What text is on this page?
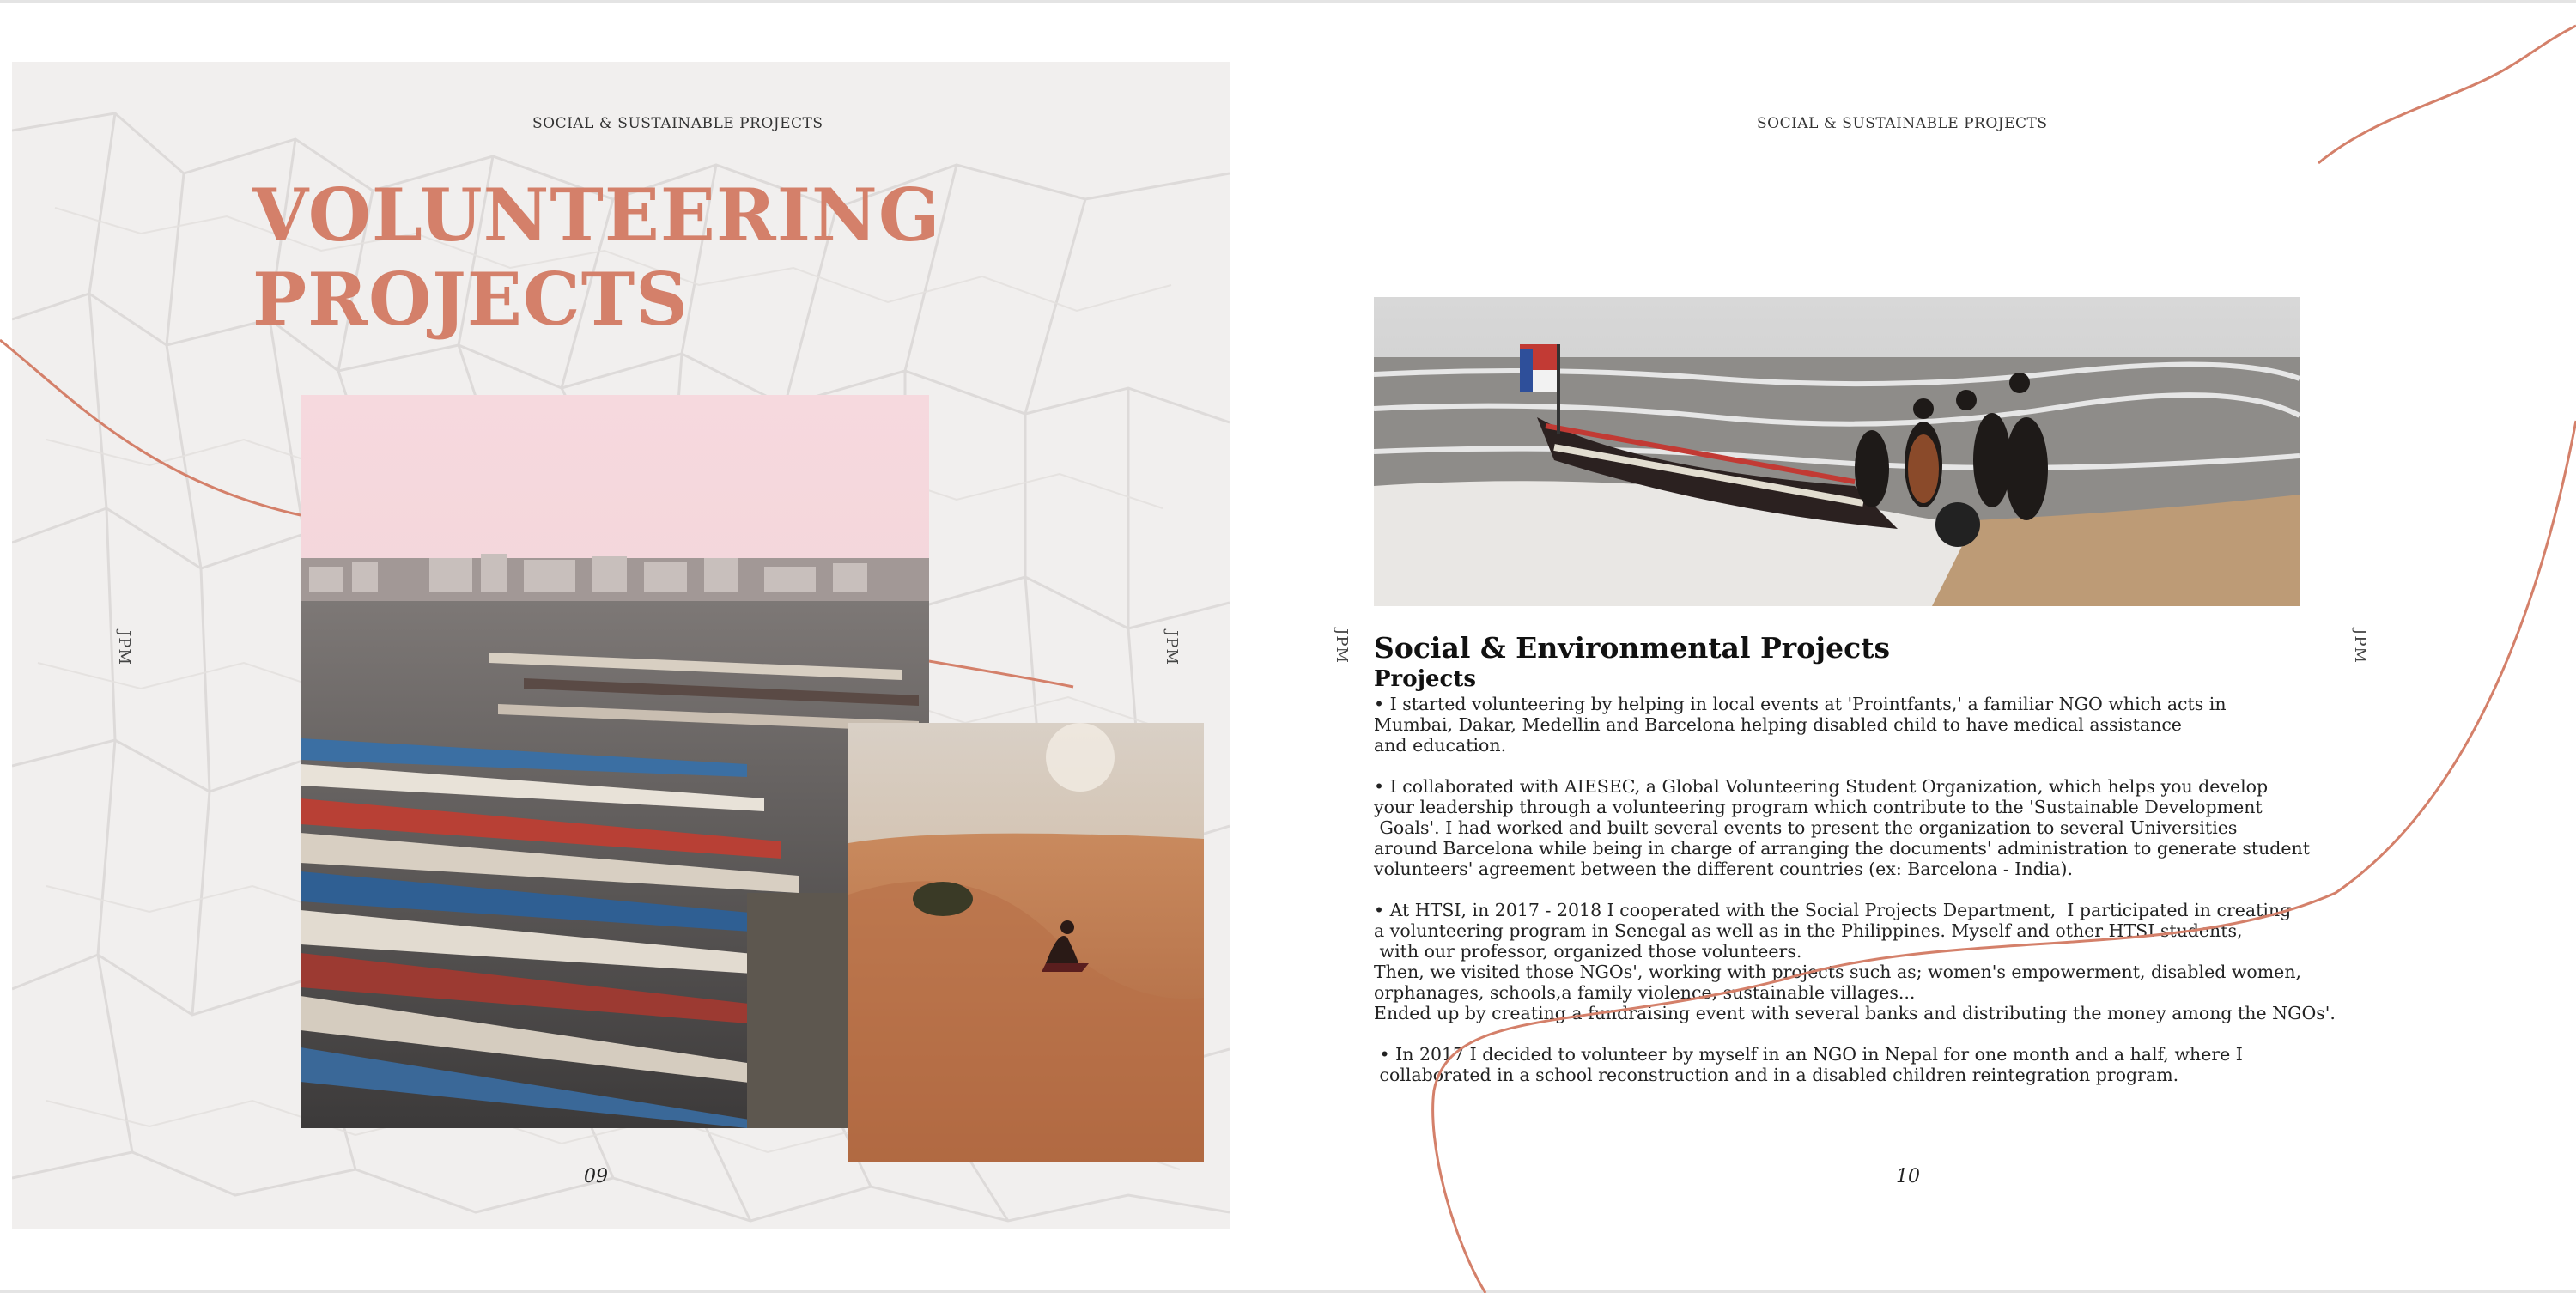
SOCIAL & SUSTAINABLE PROJECTS
VOLUNTEERING
PROJECTS
JPM	JPM
09
SOCIAL & SUSTAINABLE PROJECTS
JPM	JPM
10
Social & Environmental Projects
Projects
• I started volunteering by helping in local events at 'Prointfants,' a familiar NGO which acts in
Mumbai, Dakar, Medellin and Barcelona helping disabled child to have medical assistance
and education.
• I collaborated with AIESEC, a Global Volunteering Student Organization, which helps you develop
your leadership through a volunteering program which contribute to the 'Sustainable Development
Goals'. I had worked and built several events to present the organization to several Universities
around Barcelona while being in charge of arranging the documents' administration to generate student
volunteers' agreement between the different countries (ex: Barcelona - India).
• At HTSI, in 2017 - 2018 I cooperated with the Social Projects Department,  I participated in creating
a volunteering program in Senegal as well as in the Philippines. Myself and other HTSI students,
with our professor, organized those volunteers.
Then, we visited those NGOs', working with projects such as; women's empowerment, disabled women,
orphanages, schools,a family violence, sustainable villages...
Ended up by creating a fundraising event with several banks and distributing the money among the NGOs'.
• In 2017 I decided to volunteer by myself in an NGO in Nepal for one month and a half, where I
collaborated in a school reconstruction and in a disabled children reintegration program.
